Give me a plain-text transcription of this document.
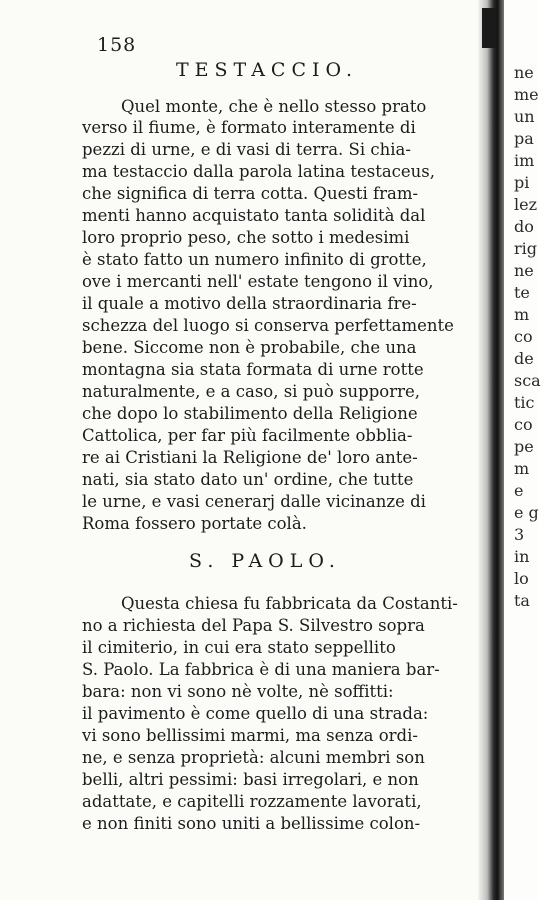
158
TESTACCIO.
Quel monte, che è nello stesso prato
verso il fiume, è formato interamente di
pezzi di urne, e di vasi di terra. Si chia-
ma testaccio dalla parola latina testaceus,
che significa di terra cotta. Questi fram-
menti hanno acquistato tanta solidità dal
loro proprio peso, che sotto i medesimi
è stato fatto un numero infinito di grotte,
ove i mercanti nell' estate tengono il vino,
il quale a motivo della straordinaria fre-
schezza del luogo si conserva perfettamente
bene. Siccome non è probabile, che una
montagna sia stata formata di urne rotte
naturalmente, e a caso, si può supporre,
che dopo lo stabilimento della Religione
Cattolica, per far più facilmente obblia-
re ai Cristiani la Religione de' loro ante-
nati, sia stato dato un' ordine, che tutte
le urne, e vasi cenerarj dalle vicinanze di
Roma fossero portate colà.
S. PAOLO.
Questa chiesa fu fabbricata da Costanti-
no a richiesta del Papa S. Silvestro sopra
il cimiterio, in cui era stato seppellito
S. Paolo. La fabbrica è di una maniera bar-
bara: non vi sono nè volte, nè soffitti:
il pavimento è come quello di una strada:
vi sono bellissimi marmi, ma senza ordi-
ne, e senza proprietà: alcuni membri son
belli, altri pessimi: basi irregolari, e non
adattate, e capitelli rozzamente lavorati,
e non finiti sono uniti a bellissime colon-
ne
me
un
pa
im
pi
lez
do
rig
ne
te
m
co
de
sca
tic
co
pe
m
e
e g
3
in
lo
ta
